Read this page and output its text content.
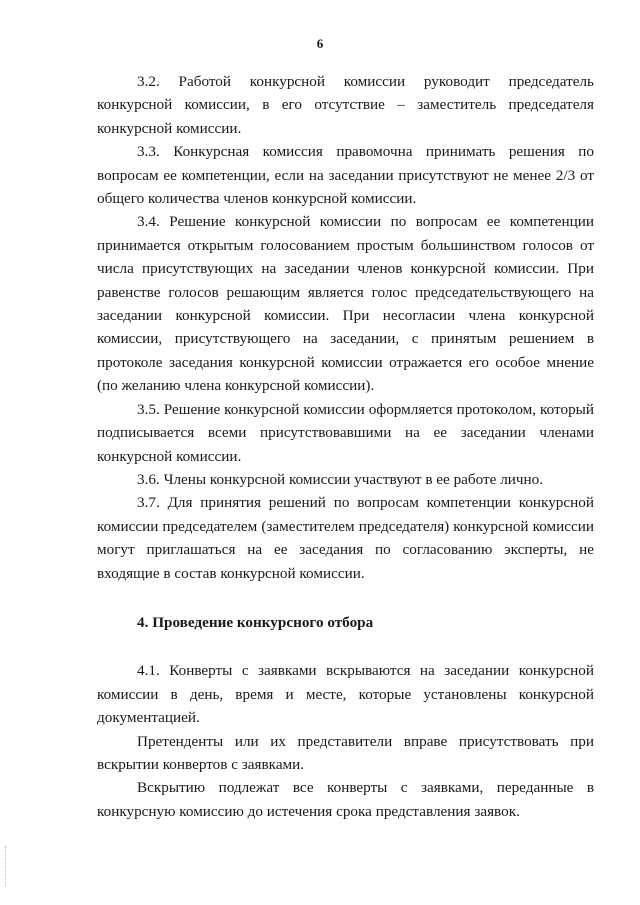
6

3.2. Работой конкурсной комиссии руководит председатель конкурсной комиссии, в его отсутствие – заместитель председателя конкурсной комиссии.

3.3. Конкурсная комиссия правомочна принимать решения по вопросам ее компетенции, если на заседании присутствуют не менее 2/3 от общего количества членов конкурсной комиссии.

3.4. Решение конкурсной комиссии по вопросам ее компетенции принимается открытым голосованием простым большинством голосов от числа присутствующих на заседании членов конкурсной комиссии. При равенстве голосов решающим является голос председательствующего на заседании конкурсной комиссии. При несогласии члена конкурсной комиссии, присутствующего на заседании, с принятым решением в протоколе заседания конкурсной комиссии отражается его особое мнение (по желанию члена конкурсной комиссии).

3.5. Решение конкурсной комиссии оформляется протоколом, который подписывается всеми присутствовавшими на ее заседании членами конкурсной комиссии.

3.6. Члены конкурсной комиссии участвуют в ее работе лично.

3.7. Для принятия решений по вопросам компетенции конкурсной комиссии председателем (заместителем председателя) конкурсной комиссии могут приглашаться на ее заседания по согласованию эксперты, не входящие в состав конкурсной комиссии.

4. Проведение конкурсного отбора

4.1. Конверты с заявками вскрываются на заседании конкурсной комиссии в день, время и месте, которые установлены конкурсной документацией.

Претенденты или их представители вправе присутствовать при вскрытии конвертов с заявками.

Вскрытию подлежат все конверты с заявками, переданные в конкурсную комиссию до истечения срока представления заявок.
